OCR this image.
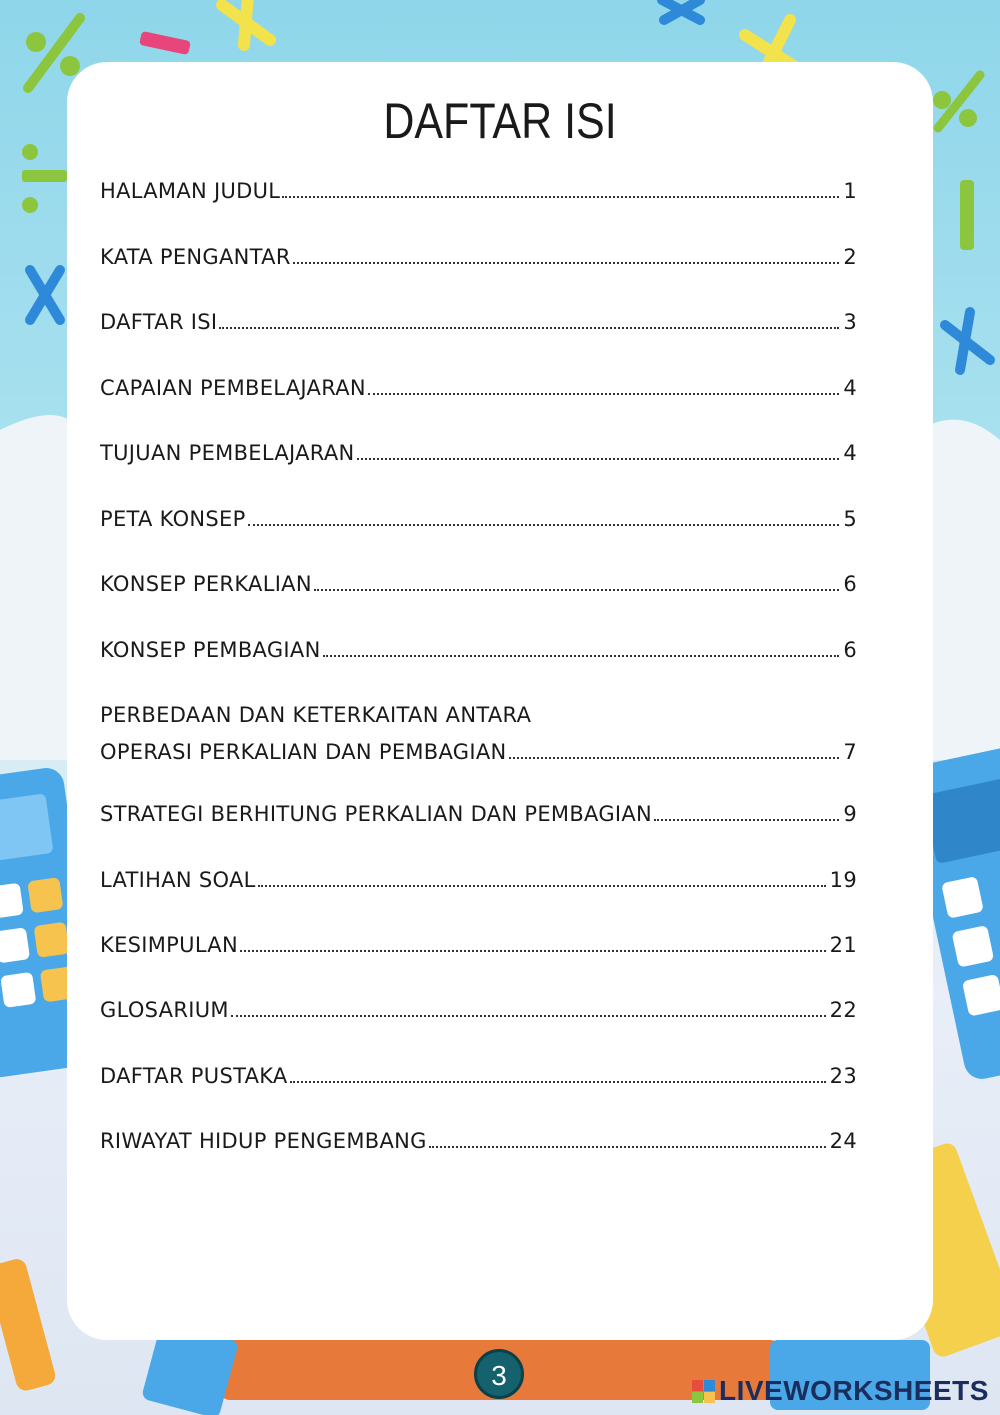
DAFTAR ISI
HALAMAN JUDUL	1
KATA PENGANTAR	2
DAFTAR ISI	3
CAPAIAN PEMBELAJARAN	4
TUJUAN PEMBELAJARAN	4
PETA KONSEP	5
KONSEP PERKALIAN	6
KONSEP PEMBAGIAN	6
PERBEDAAN DAN KETERKAITAN ANTARA
OPERASI PERKALIAN DAN PEMBAGIAN	7
STRATEGI BERHITUNG PERKALIAN DAN PEMBAGIAN	9
LATIHAN SOAL	19
KESIMPULAN	21
GLOSARIUM	22
DAFTAR PUSTAKA	23
RIWAYAT HIDUP PENGEMBANG	24
3	LIVEWORKSHEETS
